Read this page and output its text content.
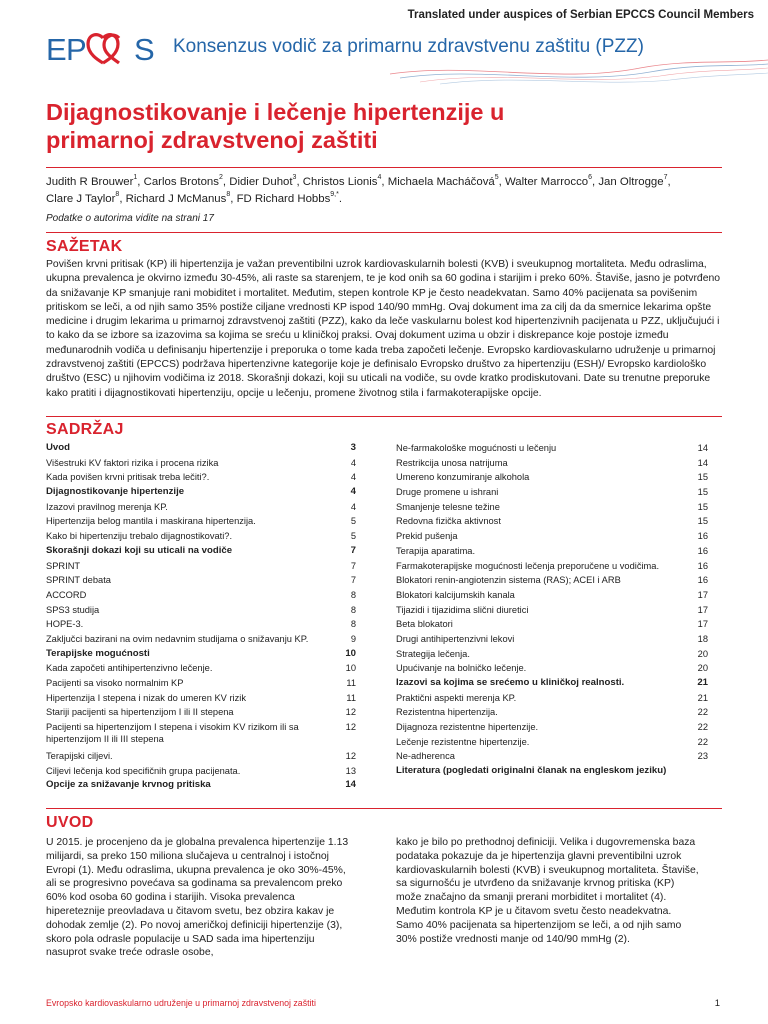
Translated under auspices of Serbian EPCCS Council Members
E P S Konsenzus vodič za primarnu zdravstvenu zaštitu (PZZ)
Dijagnostikovanje i lečenje hipertenzije u
primarnoj zdravstvenoj zaštiti
Judith R Brouwer$^1$, Carlos Brotons$^2$, Didier Duhot$^3$, Christos Lionis$^4$, Michaela Macháčová$^5$, Walter Marrocco$^6$, Jan Oltrogge$^7$,
Clare J Taylor$^8$, Richard J McManus$^8$, FD Richard Hobbs$^{9,*}$.
Podatke o autorima vidite na strani 17
SAŽETAK
Povišen krvni pritisak (KP) ili hipertenzija je važan preventibilni uzrok kardiovaskularnih bolesti (KVB) i sveukupnog mortaliteta. Među odraslima, ukupna prevalenca je okvirno između 30-45%, ali raste sa starenjem, te je kod onih sa 60 godina i starijim i preko 60%. Štaviše, jasno je potvrđeno da snižavanje KP smanjuje rani mobiditet i mortalitet. Međutim, stepen kontrole KP je često neadekvatan. Samo 40% pacijenata sa povišenim pritiskom se leči, a od njih samo 35% postiže ciljane vrednosti KP ispod 140/90 mmHg. Ovaj dokument ima za cilj da da smernice lekarima opšte medicine i drugim lekarima u primarnoj zdravstvenoj zaštiti (PZZ), kako da leče vaskularnu bolest kod hipertenzivnih pacijenata u PZZ, uključujući i to kako da se izbore sa izazovima sa kojima se sreću u kliničkoj praksi. Ovaj dokument uzima u obzir i diskrepance koje postoje između međunarodnih vodiča u definisanju hipertenzije i preporuka o tome kada treba započeti lečenje. Evropsko kardiovaskularno udruženje u primarnoj zdravstvenoj zaštiti (EPCCS) podržava hipertenzivne kategorije koje je definisalo Evropsko društvo za hipertenziju (ESH)/ Evropsko kardiološko društvo (ESC) u njihovim vodičima iz 2018. Skorašnji dokazi, koji su uticali na vodiče, su ovde kratko prodiskutovani. Date su trenutne preporuke kako pratiti i dijagnostikovati hipertenziju, opcije u lečenju, promene životnog stila i farmakoterapijske opcije.
SADRŽAJ
Uvod	3
Višestruki KV faktori rizika i procena rizika	4
Kada povišen krvni pritisak treba lečiti?.	4
Dijagnostikovanje hipertenzije	4
Izazovi pravilnog merenja KP.	4
Hipertenzija belog mantila i maskirana hipertenzija.	5
Kako bi hipertenziju trebalo dijagnostikovati?.	5
Skorašnji dokazi koji su uticali na vodiče	7
SPRINT	7
SPRINT debata	7
ACCORD	8
SPS3 studija	8
HOPE-3.	8
Zaključci bazirani na ovim nedavnim studijama o snižavanju KP.	9
Terapijske mogućnosti	10
Kada započeti antihipertenzivno lečenje.	10
Pacijenti sa visoko normalnim KP	11
Hipertenzija I stepena i nizak do umeren KV rizik	11
Stariji pacijenti sa hipertenzijom I ili II stepena	12
Pacijenti sa hipertenzijom I stepena i visokim KV rizikom ili sa hipertenzijom II ili III stepena
12
Terapijski ciljevi.	12
Ciljevi lečenja kod specifičnih grupa pacijenata.	13
Opcije za snižavanje krvnog pritiska	14
Ne-farmakološke mogućnosti u lečenju	14
Restrikcija unosa natrijuma	14
Umereno konzumiranje alkohola	15
Druge promene u ishrani	15
Smanjenje telesne težine	15
Redovna fizička aktivnost	15
Prekid pušenja	16
Terapija aparatima.	16
Farmakoterapijske mogućnosti lečenja preporučene u vodičima.	16
Blokatori renin-angiotenzin sistema (RAS); ACEI i ARB	16
Blokatori kalcijumskih kanala	17
Tijazidi i tijazidima slični diuretici	17
Beta blokatori	17
Drugi antihipertenzivni lekovi	18
Strategija lečenja.	20
Upućivanje na bolničko lečenje.	20
Izazovi sa kojima se srećemo u kliničkoj realnosti.	21
Praktični aspekti merenja KP.	21
Rezistentna hipertenzija.	22
Dijagnoza rezistentne hipertenzije.	22
Lečenje rezistentne hipertenzije.	22
Ne-adherenca	23
Literatura (pogledati originalni članak na engleskom jeziku)
UVOD
U 2015. je procenjeno da je globalna prevalenca hipertenzije 1.13 milijardi, sa preko 150 miliona slučajeva u centralnoj i istočnoj Evropi (1). Među odraslima, ukupna prevalenca je oko 30%-45%, ali se progresivno povećava sa godinama sa prevalencom preko 60% kod osoba 60 godina i starijih. Visoka prevalenca hipereteznije preovladava u čitavom svetu, bez obzira kakav je dohodak zemlje (2). Po novoj američkoj definiciji hipertenzije (3), skoro pola odrasle populacije u SAD sada ima hipertenziju nasuprot svake treće odrasle osobe,
kako je bilo po prethodnoj definiciji. Velika i dugovremenska baza podataka pokazuje da je hipertenzija glavni preventibilni uzrok kardiovaskularnih bolesti (KVB) i sveukupnog mortaliteta. Štaviše, sa sigurnošću je utvrđeno da snižavanje krvnog pritiska (KP) može značajno da smanji prerani morbiditet i mortalitet (4). Međutim kontrola KP je u čitavom svetu često neadekvatna. Samo 40% pacijenata sa hipertenzijom se leči, a od njih samo 30% postiže vrednosti manje od 140/90 mmHg (2).
Evropsko kardiovaskularno udruženje u primarnoj zdravstvenoj zaštiti	1
